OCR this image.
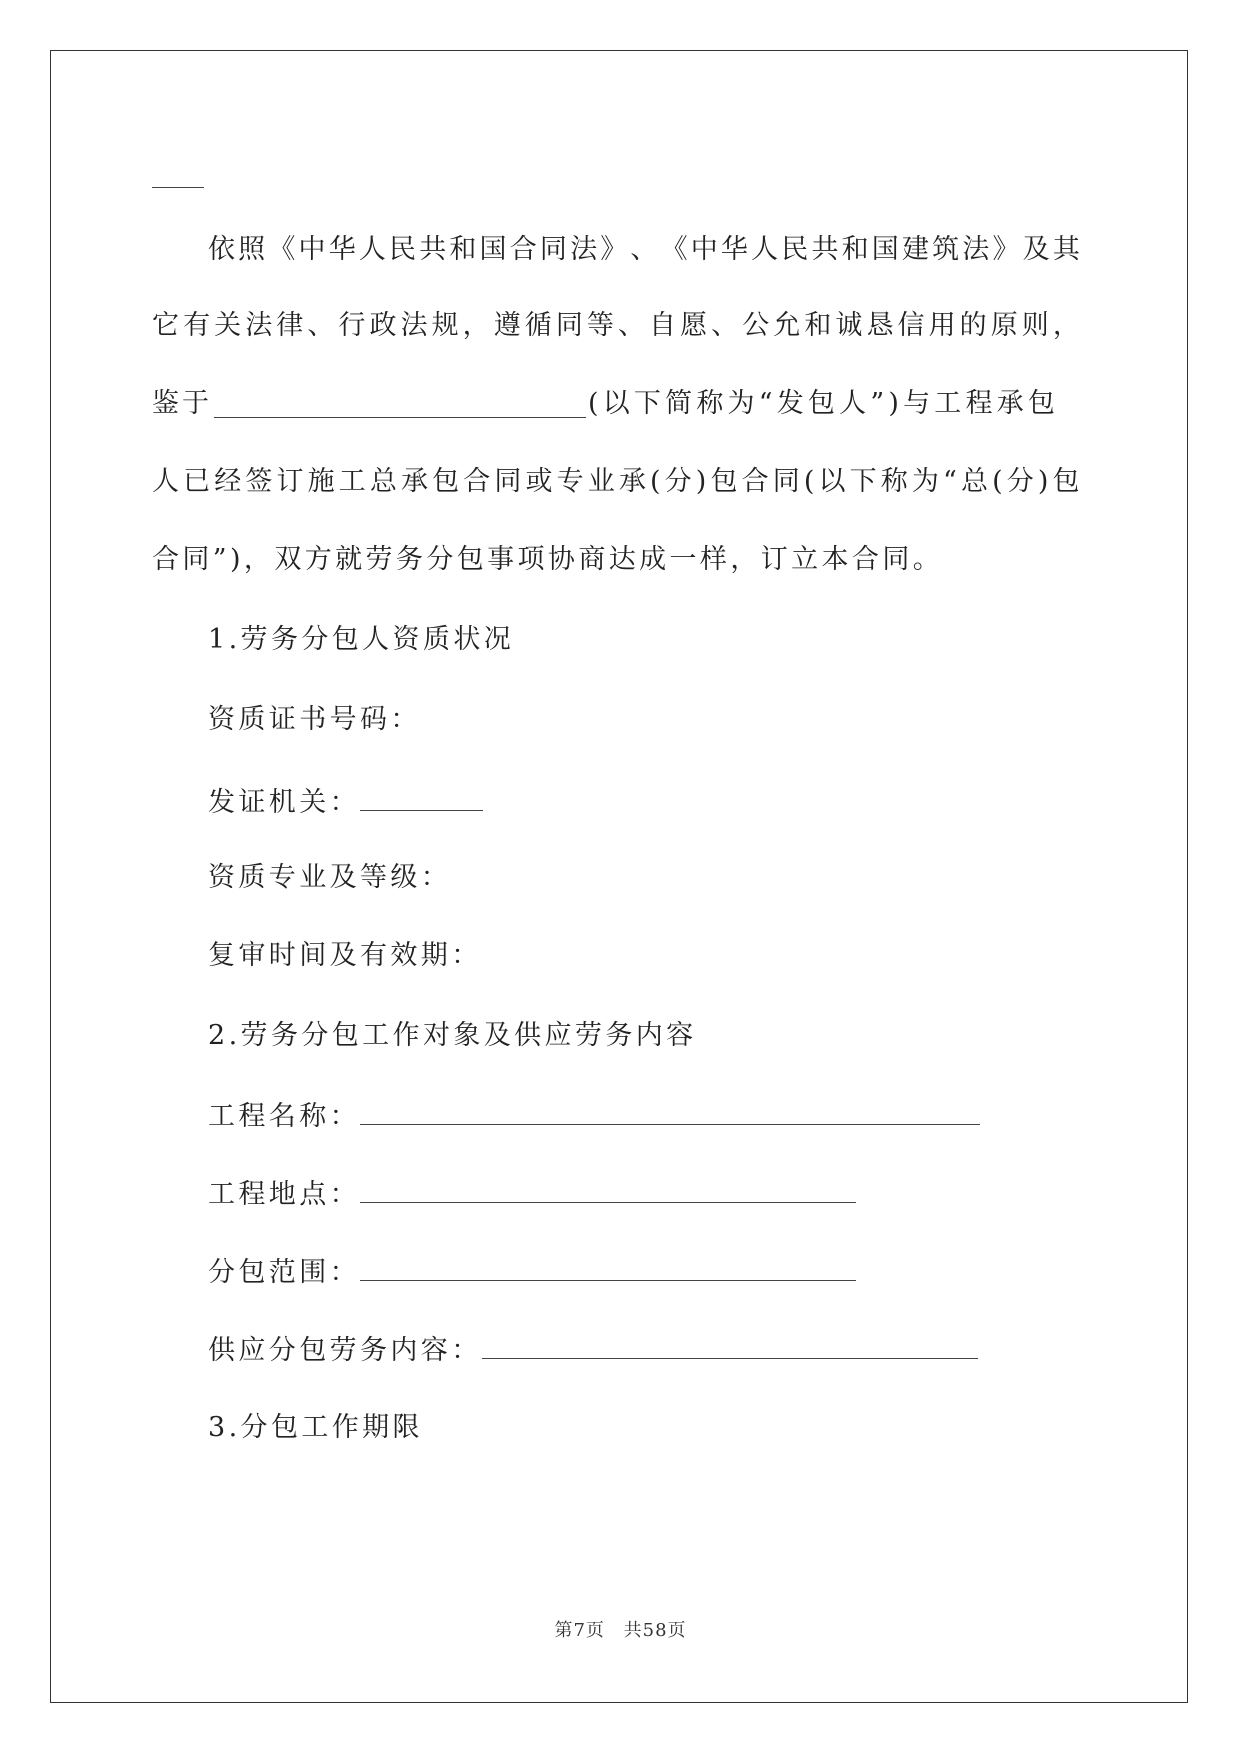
依 照 《 中 华 人 民 共 和 国 合 同 法 》 、 《 中 华 人 民 共 和 国 建 筑 法 》 及 其
它 有 关 法 律 、 行 政 法 规 ， 遵 循 同 等 、 自 愿 、 公 允 和 诚 恳 信 用 的 原 则 ，
鉴于	(以下简称为“发包人”)与工程承包
人 已 经 签 订 施 工 总 承 包 合 同 或 专 业 承 ( 分 ) 包 合 同 ( 以 下 称 为 “ 总 ( 分 ) 包
合同”)，双方就劳务分包事项协商达成一样，订立本合同。
1.劳务分包人资质状况
资质证书号码：
发证机关：
资质专业及等级：
复审时间及有效期：
2.劳务分包工作对象及供应劳务内容
工程名称：
工程地点：
分包范围：
供应分包劳务内容：
3.分包工作期限
第7页 共58页
